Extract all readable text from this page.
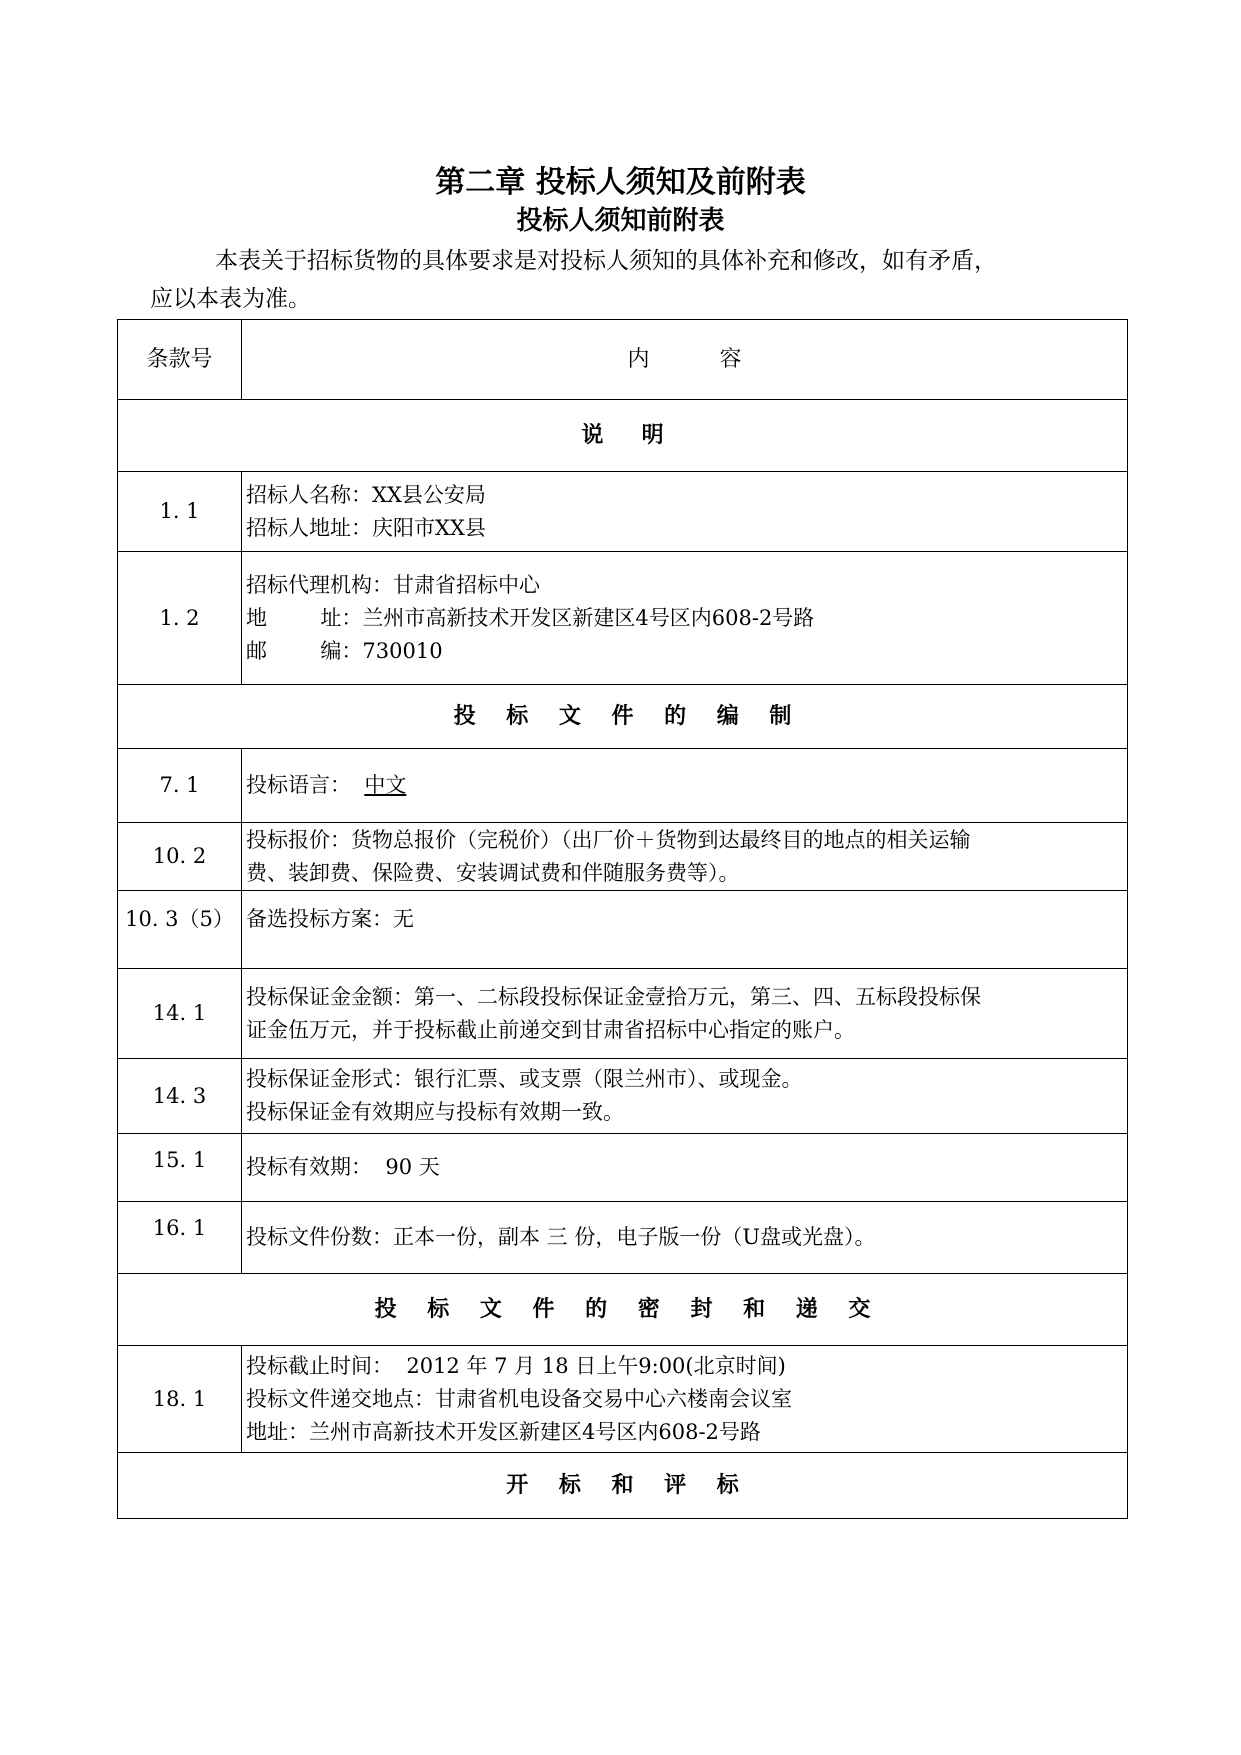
第二章 投标人须知及前附表
投标人须知前附表
本表关于招标货物的具体要求是对投标人须知的具体补充和修改，如有矛盾，
应以本表为准。
条款号	内          容
说     明	
1. 1	招标人名称：XX县公安局
招标人地址：庆阳市XX县

1. 2	招标代理机构：甘肃省招标中心
地        址：兰州市高新技术开发区新建区4号区内608-2号路
邮        编：730010

投    标    文    件    的    编    制	
7. 1	投标语言：  中文
10. 2	投标报价：货物总报价（完税价）（出厂价＋货物到达最终目的地点的相关运输
费、装卸费、保险费、安装调试费和伴随服务费等）。

10. 3（5）	备选投标方案：无

14. 1	投标保证金金额：第一、二标段投标保证金壹拾万元，第三、四、五标段投标保
证金伍万元，并于投标截止前递交到甘肃省招标中心指定的账户。

14. 3	投标保证金形式：银行汇票、或支票（限兰州市）、或现金。
投标保证金有效期应与投标有效期一致。

15. 1	投标有效期：  90 天

16. 1	投标文件份数：正本一份，副本 三 份，电子版一份（U盘或光盘）。

投    标    文    件    的    密    封    和    递    交	
18. 1	投标截止时间：  2012 年 7 月 18 日上午9:00(北京时间)
投标文件递交地点：甘肃省机电设备交易中心六楼南会议室
地址：兰州市高新技术开发区新建区4号区内608-2号路

开    标    和    评    标	
